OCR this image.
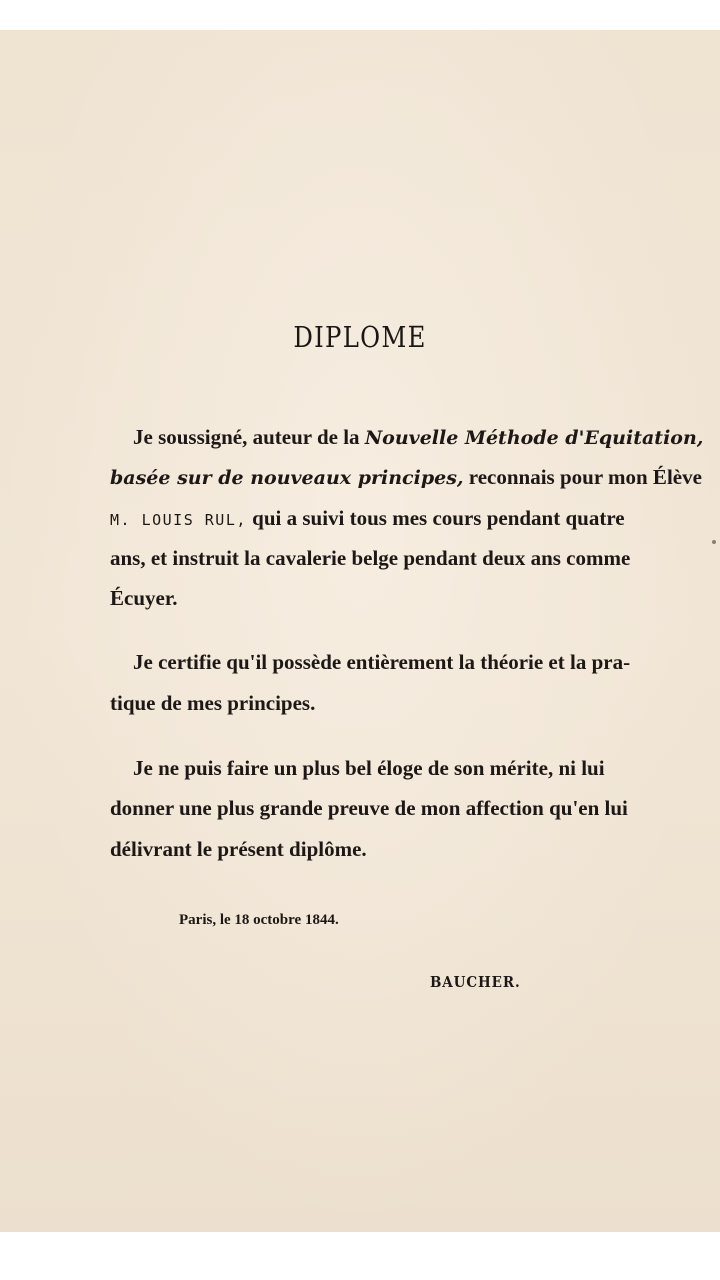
DIPLOME
Je soussigné, auteur de la Nouvelle Méthode d'Equitation,
basée sur de nouveaux principes, reconnais pour mon Élève
M. LOUIS RUL, qui a suivi tous mes cours pendant quatre
ans, et instruit la cavalerie belge pendant deux ans comme
Écuyer.
Je certifie qu'il possède entièrement la théorie et la pra-
tique de mes principes.
Je ne puis faire un plus bel éloge de son mérite, ni lui
donner une plus grande preuve de mon affection qu'en lui
délivrant le présent diplôme.
Paris, le 18 octobre 1844.
BAUCHER.
